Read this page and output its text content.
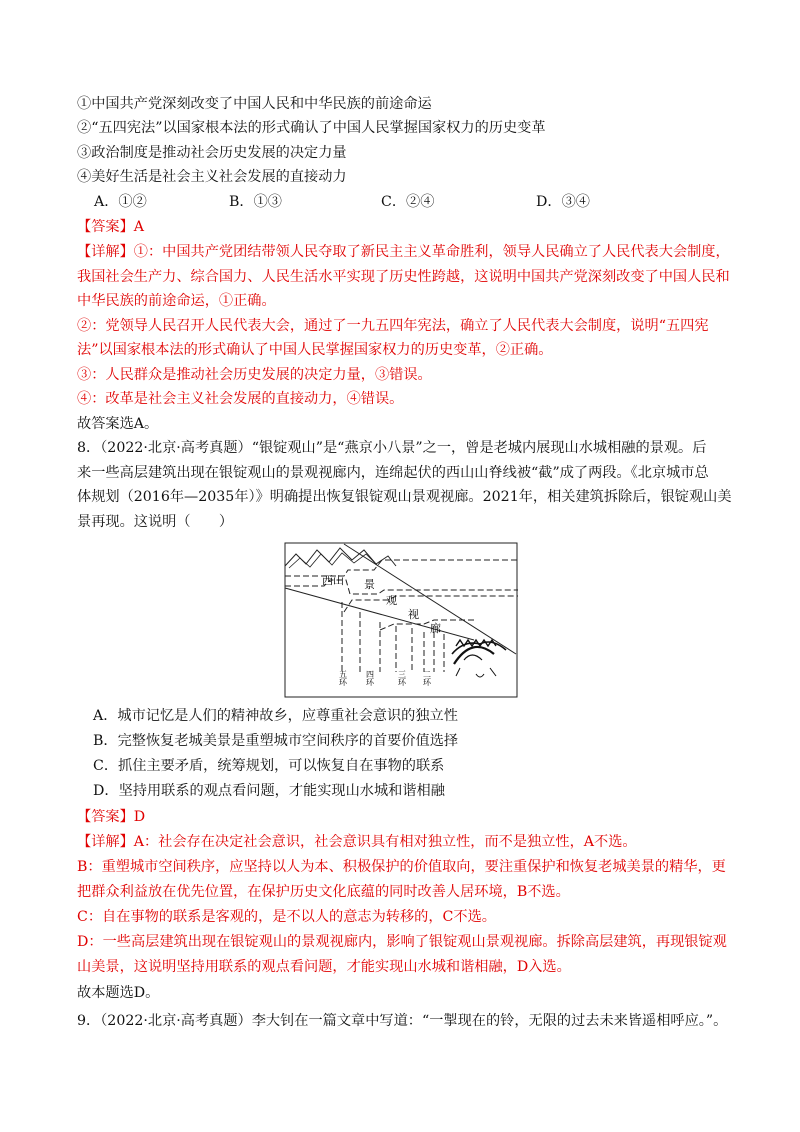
①中国共产党深刻改变了中国人民和中华民族的前途命运
②“五四宪法”以国家根本法的形式确认了中国人民掌握国家权力的历史变革
③政治制度是推动社会历史发展的决定力量
④美好生活是社会主义社会发展的直接动力
A．①②	B．①③	C．②④	D．③④
【答案】A
【详解】①：中国共产党团结带领人民夺取了新民主主义革命胜利，领导人民确立了人民代表大会制度，
我国社会生产力、综合国力、人民生活水平实现了历史性跨越，这说明中国共产党深刻改变了中国人民和
中华民族的前途命运，①正确。
②：党领导人民召开人民代表大会，通过了一九五四年宪法，确立了人民代表大会制度，说明“五四宪
法”以国家根本法的形式确认了中国人民掌握国家权力的历史变革，②正确。
③：人民群众是推动社会历史发展的决定力量，③错误。
④：改革是社会主义社会发展的直接动力，④错误。
故答案选A。
8．（2022·北京·高考真题）“银锭观山”是“燕京小八景”之一，曾是老城内展现山水城相融的景观。后
来一些高层建筑出现在银锭观山的景观视廊内，连绵起伏的西山山脊线被“截”成了两段。《北京城市总
体规划（2016年—2035年）》明确提出恢复银锭观山景观视廊。2021年，相关建筑拆除后，银锭观山美
景再现。这说明（　　）
西山 景
观
视
廊
五环 四环	三环 二环
A．城市记忆是人们的精神故乡，应尊重社会意识的独立性
B．完整恢复老城美景是重塑城市空间秩序的首要价值选择
C．抓住主要矛盾，统筹规划，可以恢复自在事物的联系
D．坚持用联系的观点看问题，才能实现山水城和谐相融
【答案】D
【详解】A：社会存在决定社会意识，社会意识具有相对独立性，而不是独立性，A不选。
B：重塑城市空间秩序，应坚持以人为本、积极保护的价值取向，要注重保护和恢复老城美景的精华，更
把群众利益放在优先位置，在保护历史文化底蕴的同时改善人居环境，B不选。
C：自在事物的联系是客观的，是不以人的意志为转移的，C不选。
D：一些高层建筑出现在银锭观山的景观视廊内，影响了银锭观山景观视廊。拆除高层建筑，再现银锭观
山美景，这说明坚持用联系的观点看问题，才能实现山水城和谐相融，D入选。
故本题选D。
9．（2022·北京·高考真题）李大钊在一篇文章中写道：“一掣现在的铃，无限的过去未来皆遥相呼应。”。
